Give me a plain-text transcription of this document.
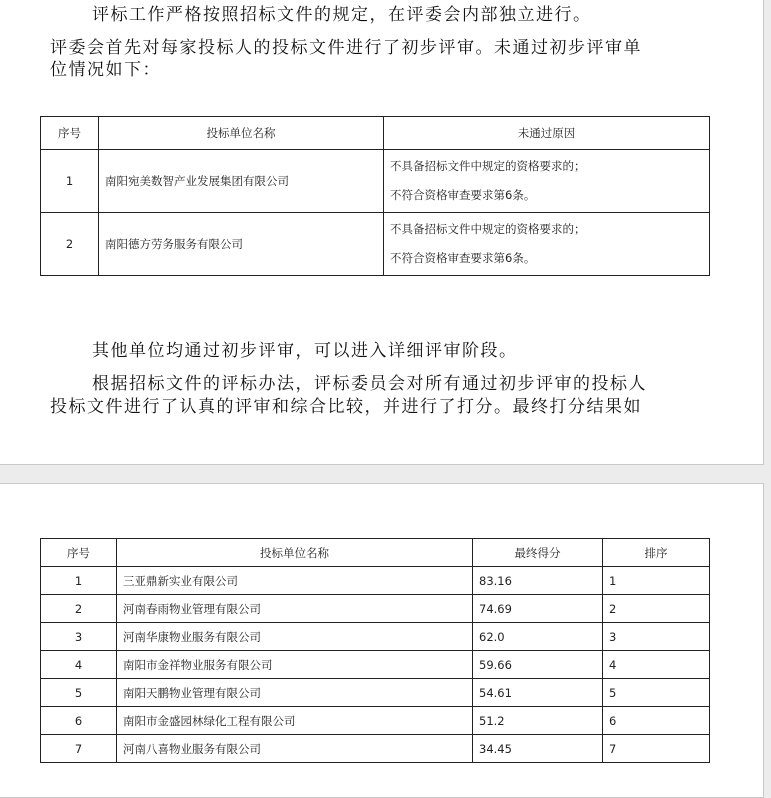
评标工作严格按照招标文件的规定，在评委会内部独立进行。
评委会首先对每家投标人的投标文件进行了初步评审。未通过初步评审单
位情况如下：
序号	投标单位名称	未通过原因
1	南阳宛美数智产业发展集团有限公司	不具备招标文件中规定的资格要求的；

不符合资格审查要求第6条。

2	南阳德方劳务服务有限公司	不具备招标文件中规定的资格要求的；

不符合资格审查要求第6条。

其他单位均通过初步评审，可以进入详细评审阶段。
根据招标文件的评标办法，评标委员会对所有通过初步评审的投标人
投标文件进行了认真的评审和综合比较，并进行了打分。最终打分结果如
序号	投标单位名称	最终得分	排序
1	三亚鼎新实业有限公司	83.16	1
2	河南春雨物业管理有限公司	74.69	2
3	河南华康物业服务有限公司	62.0	3
4	南阳市金祥物业服务有限公司	59.66	4
5	南阳天鹏物业管理有限公司	54.61	5
6	南阳市金盛园林绿化工程有限公司	51.2	6
7	河南八喜物业服务有限公司	34.45	7
